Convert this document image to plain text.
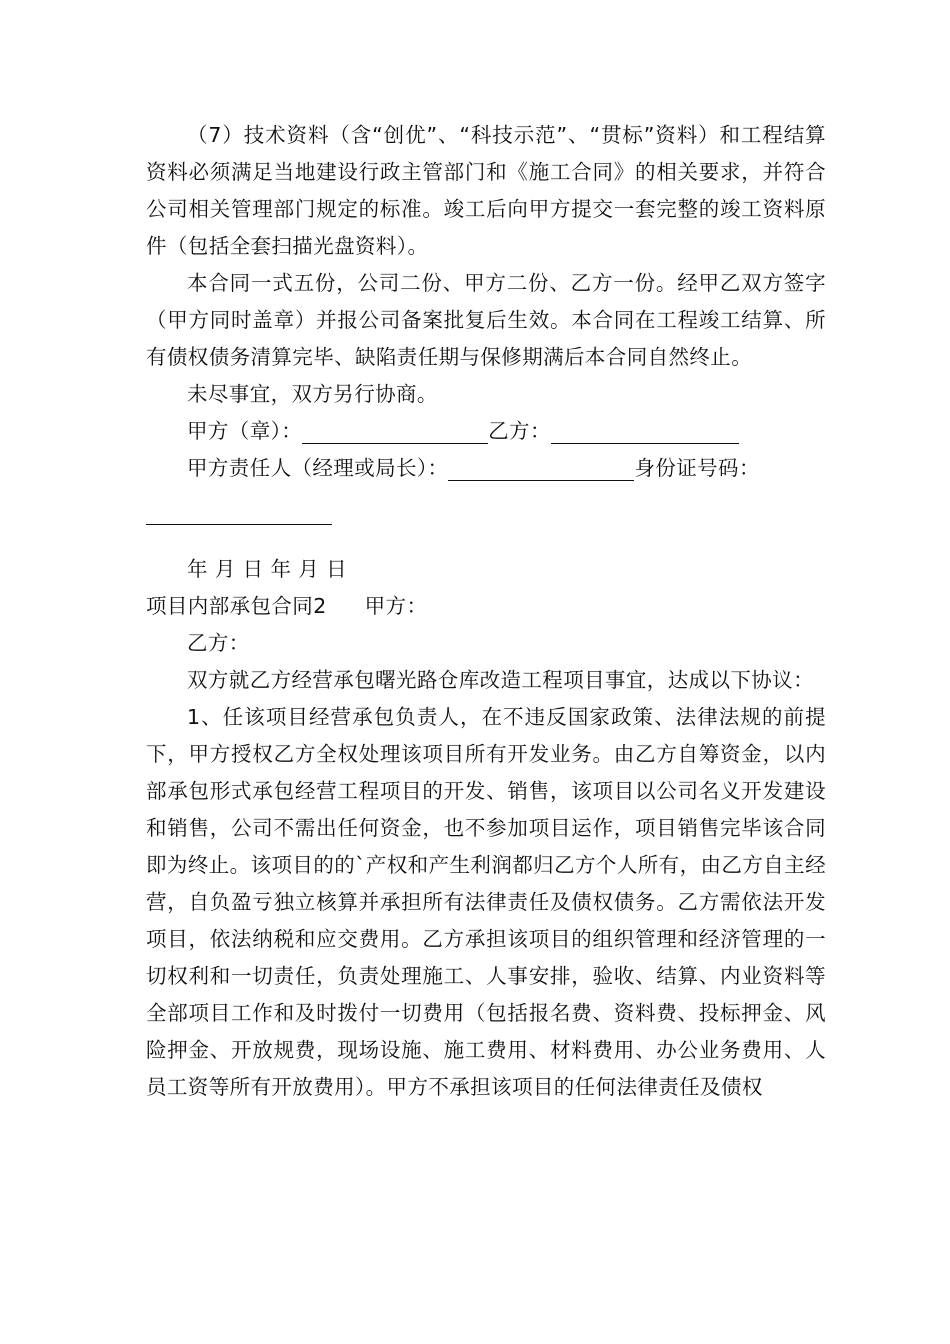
（7）技术资料（含“创优”、“科技示范”、“贯标”资料）和工程结算资料必须满足当地建设行政主管部门和《施工合同》的相关要求，并符合公司相关管理部门规定的标准。竣工后向甲方提交一套完整的竣工资料原件（包括全套扫描光盘资料）。

本合同一式五份，公司二份、甲方二份、乙方一份。经甲乙双方签字（甲方同时盖章）并报公司备案批复后生效。本合同在工程竣工结算、所有债权债务清算完毕、缺陷责任期与保修期满后本合同自然终止。

未尽事宜，双方另行协商。

甲方（章）：	乙方：

甲方责任人（经理或局长）：	身份证号码：

年 月 日 年 月 日

项目内部承包合同2 甲方：

乙方：

双方就乙方经营承包曙光路仓库改造工程项目事宜，达成以下协议：

1、任该项目经营承包负责人，在不违反国家政策、法律法规的前提下，甲方授权乙方全权处理该项目所有开发业务。由乙方自筹资金，以内部承包形式承包经营工程项目的开发、销售，该项目以公司名义开发建设和销售，公司不需出任何资金，也不参加项目运作，项目销售完毕该合同即为终止。该项目的的`产权和产生利润都归乙方个人所有，由乙方自主经营，自负盈亏独立核算并承担所有法律责任及债权债务。乙方需依法开发项目，依法纳税和应交费用。乙方承担该项目的组织管理和经济管理的一切权利和一切责任，负责处理施工、人事安排，验收、结算、内业资料等全部项目工作和及时拨付一切费用（包括报名费、资料费、投标押金、风险押金、开放规费，现场设施、施工费用、材料费用、办公业务费用、人员工资等所有开放费用）。甲方不承担该项目的任何法律责任及债权
